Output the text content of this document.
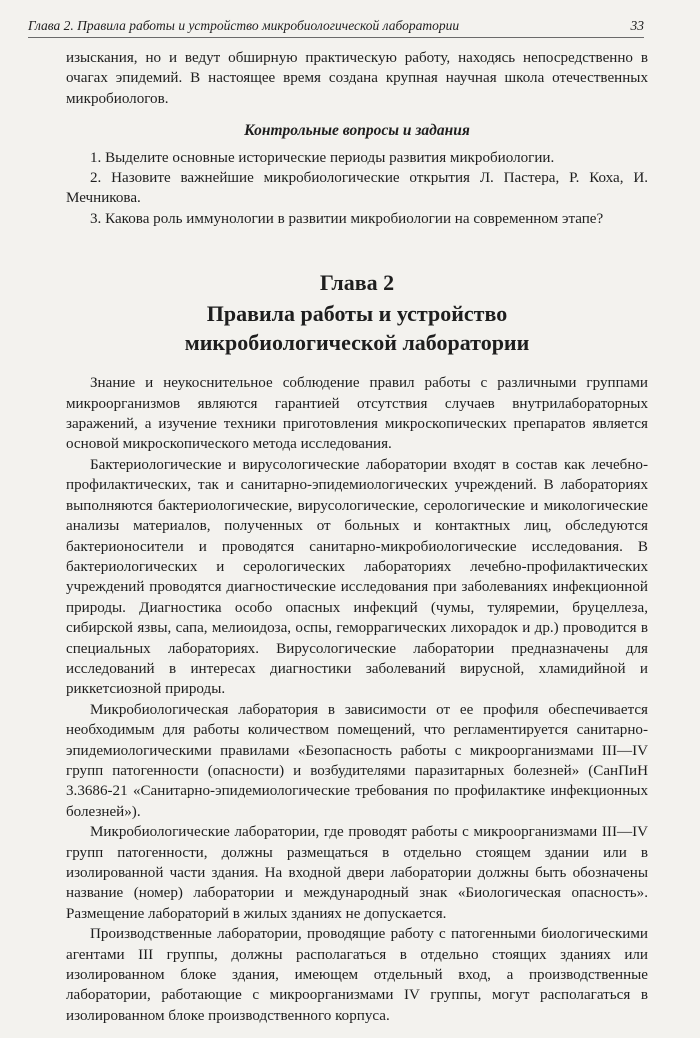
Глава 2. Правила работы и устройство микробиологической лаборатории	33

изыскания, но и ведут обширную практическую работу, находясь непосредственно в очагах эпидемий. В настоящее время создана крупная научная школа отечественных микробиологов.

Контрольные вопросы и задания

1. Выделите основные исторические периоды развития микробиологии.

2. Назовите важнейшие микробиологические открытия Л. Пастера, Р. Коха, И. Мечникова.

3. Какова роль иммунологии в развитии микробиологии на современном этапе?

Глава 2
Правила работы и устройство
микробиологической лаборатории

Знание и неукоснительное соблюдение правил работы с различными группами микроорганизмов являются гарантией отсутствия случаев внутрилабораторных заражений, а изучение техники приготовления микроскопических препаратов является основой микроскопического метода исследования.

Бактериологические и вирусологические лаборатории входят в состав как лечебно-профилактических, так и санитарно-эпидемиологических учреждений. В лабораториях выполняются бактериологические, вирусологические, серологические и микологические анализы материалов, полученных от больных и контактных лиц, обследуются бактерионосители и проводятся санитарно-микробиологические исследования. В бактериологических и серологических лабораториях лечебно-профилактических учреждений проводятся диагностические исследования при заболеваниях инфекционной природы. Диагностика особо опасных инфекций (чумы, туляремии, бруцеллеза, сибирской язвы, сапа, мелиоидоза, оспы, геморрагических лихорадок и др.) проводится в специальных лабораториях. Вирусологические лаборатории предназначены для исследований в интересах диагностики заболеваний вирусной, хламидийной и риккетсиозной природы.

Микробиологическая лаборатория в зависимости от ее профиля обеспечивается необходимым для работы количеством помещений, что регламентируется санитарно-эпидемиологическими правилами «Безопасность работы с микроорганизмами III—IV групп патогенности (опасности) и возбудителями паразитарных болезней» (СанПиН 3.3686-21 «Санитарно-эпидемиологические требования по профилактике инфекционных болезней»).

Микробиологические лаборатории, где проводят работы с микроорганизмами III—IV групп патогенности, должны размещаться в отдельно стоящем здании или в изолированной части здания. На входной двери лаборатории должны быть обозначены название (номер) лаборатории и международный знак «Биологическая опасность». Размещение лабораторий в жилых зданиях не допускается.

Производственные лаборатории, проводящие работу с патогенными биологическими агентами III группы, должны располагаться в отдельно стоящих зданиях или изолированном блоке здания, имеющем отдельный вход, а производственные лаборатории, работающие с микроорганизмами IV группы, могут располагаться в изолированном блоке производственного корпуса.
